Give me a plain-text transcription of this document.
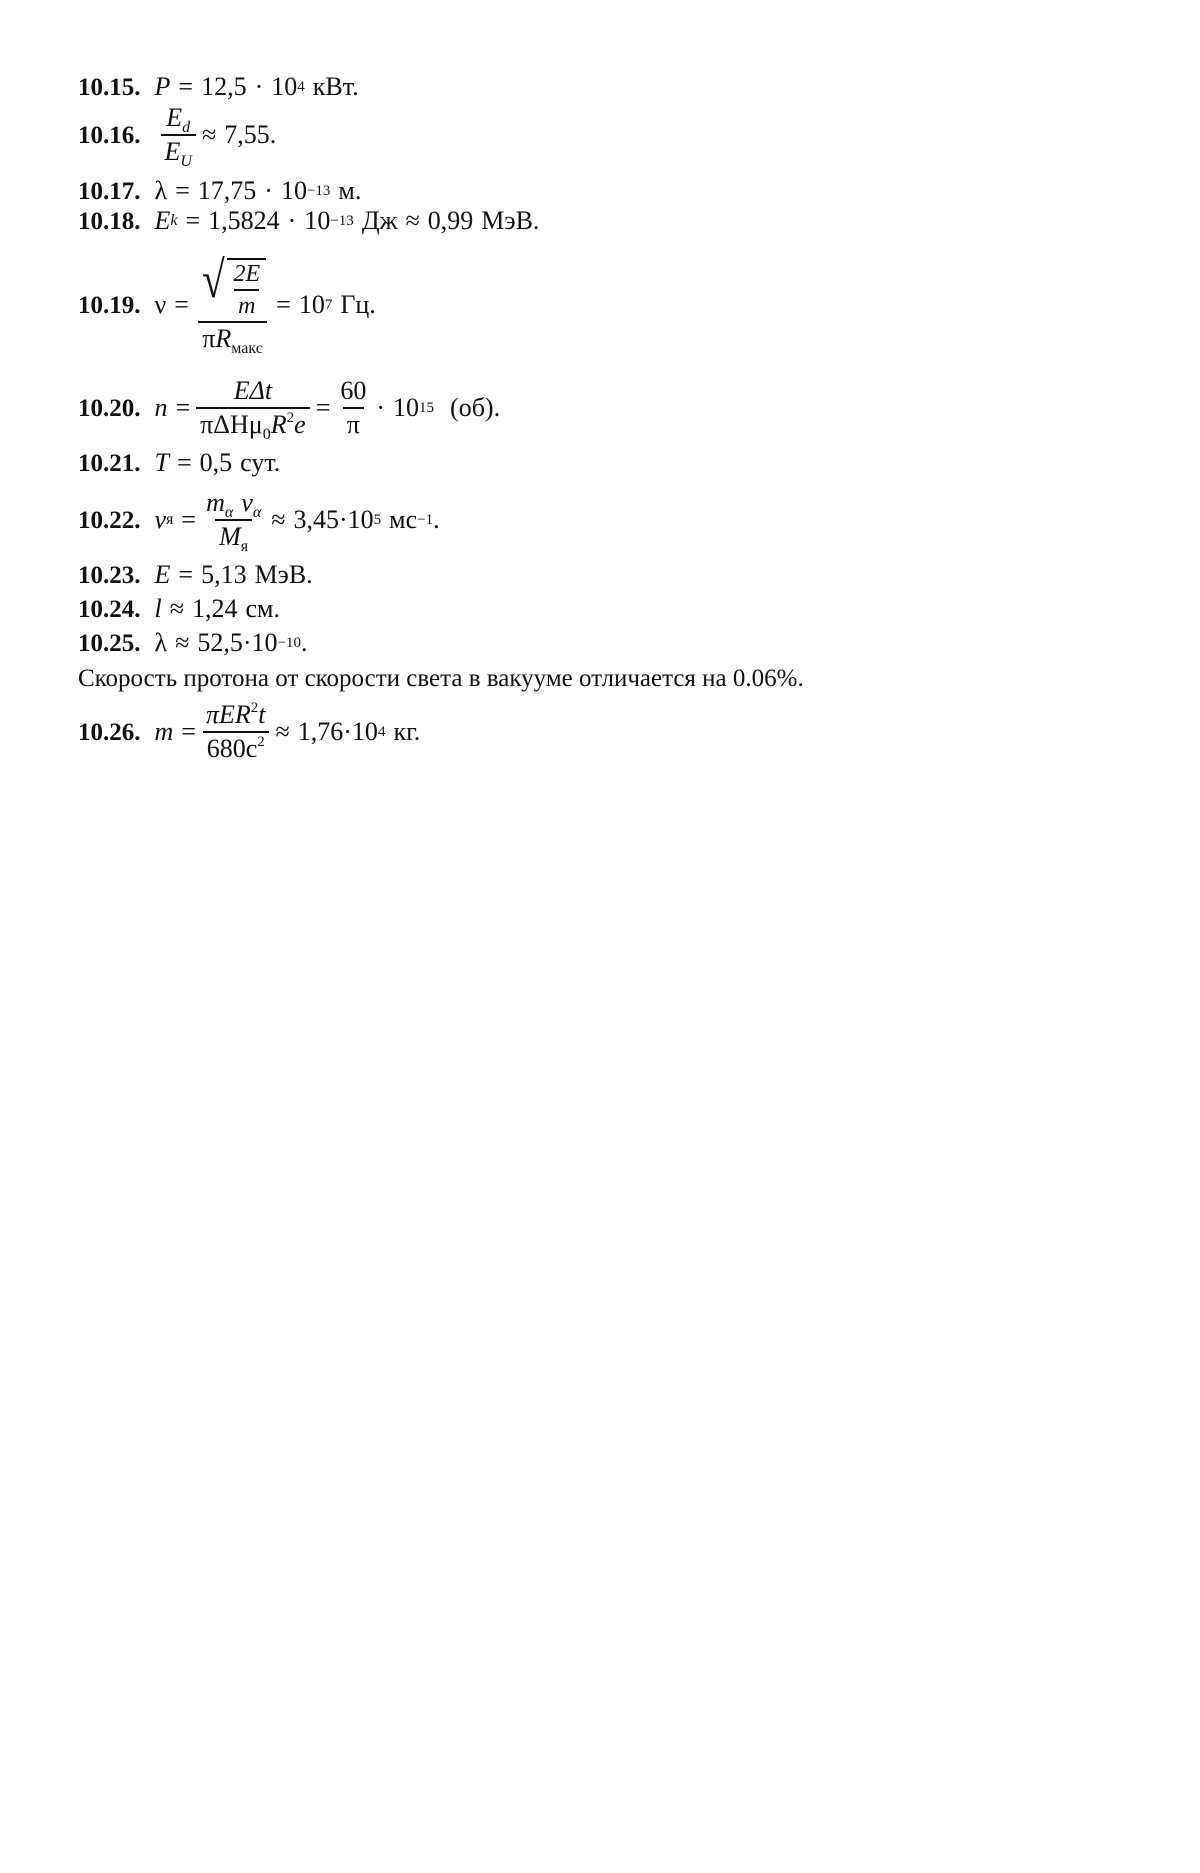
10.15. P = 12,5 · 10 4 кВт.
10.16. $\frac{E_d}{E_U} \approx 7,55$.
10.17. λ = 17,75 · 10 −13 м.
10.18. E k = 1,5824 · 10 −13 Дж ≈ 0,99 МэВ.
10.19. $\nu = \frac{√ \frac{2E}{m}}{\pi R_{макс}} = 10$ 7 Гц.
10.20. $n = \frac{\text{EΔt}}{\pi\Delta H\mu_0R^2e} = \frac{60}{\pi} \cdot 10$ 15 (об).
10.21. T = 0,5 сут.
10.22. v $я = \frac{m_\alpha v_\alpha}{M_я} \approx 3,45\cdot 10$ 5 мс −1 .
10.23. E = 5,13 МэВ.
10.24. l ≈ 1,24 см.
10.25. λ ≈ 52,5·10 −10 .
Скорость протона от скорости света в вакууме отличается на 0.06%.
10.26. $m = \frac{\pi ER^2t}{680c^2} \approx 1,76\cdot 10$ 4 кг.
